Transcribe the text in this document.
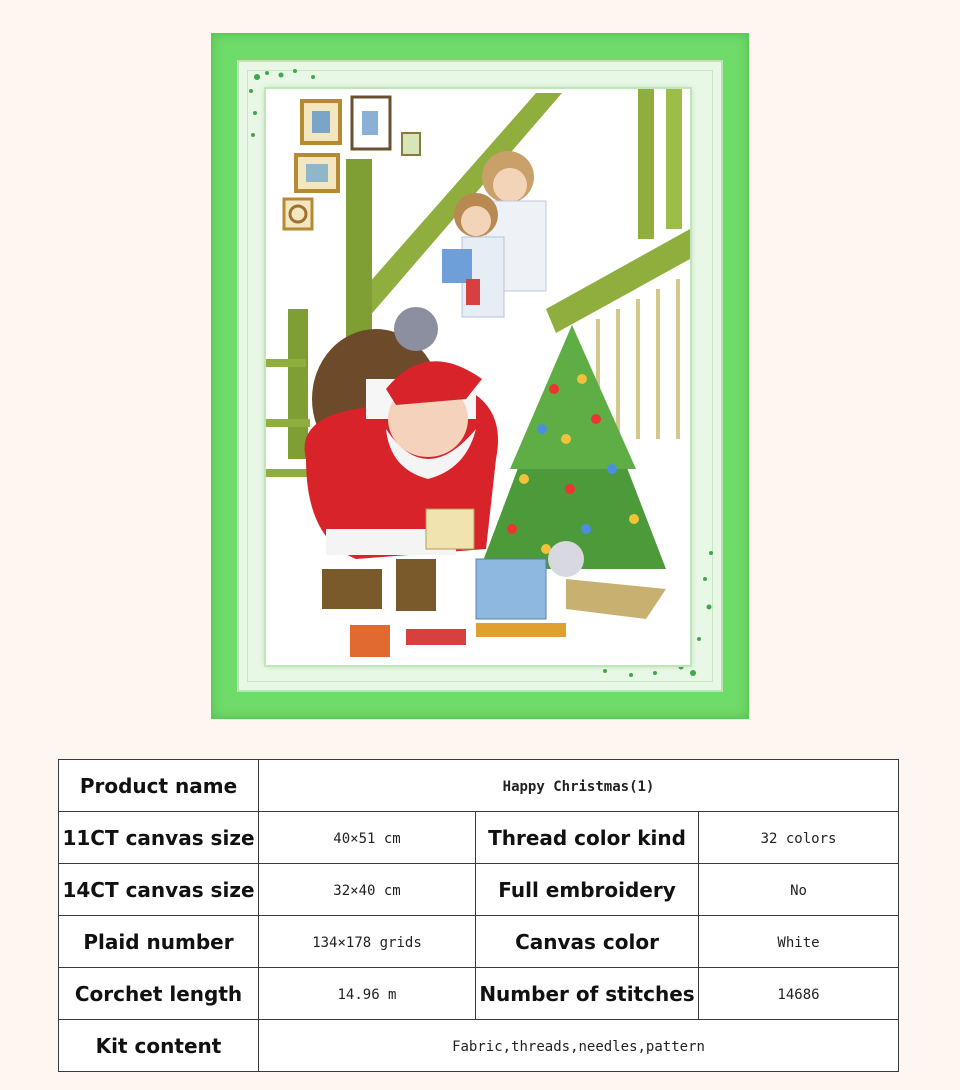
Product name	Happy Christmas(1)		
11CT canvas size	40×51 cm	Thread color kind	32 colors
14CT canvas size	32×40 cm	Full embroidery	No
Plaid number	134×178 grids	Canvas color	White
Corchet length	14.96 m	Number of stitches	14686
Kit content	Fabric,threads,needles,pattern		
